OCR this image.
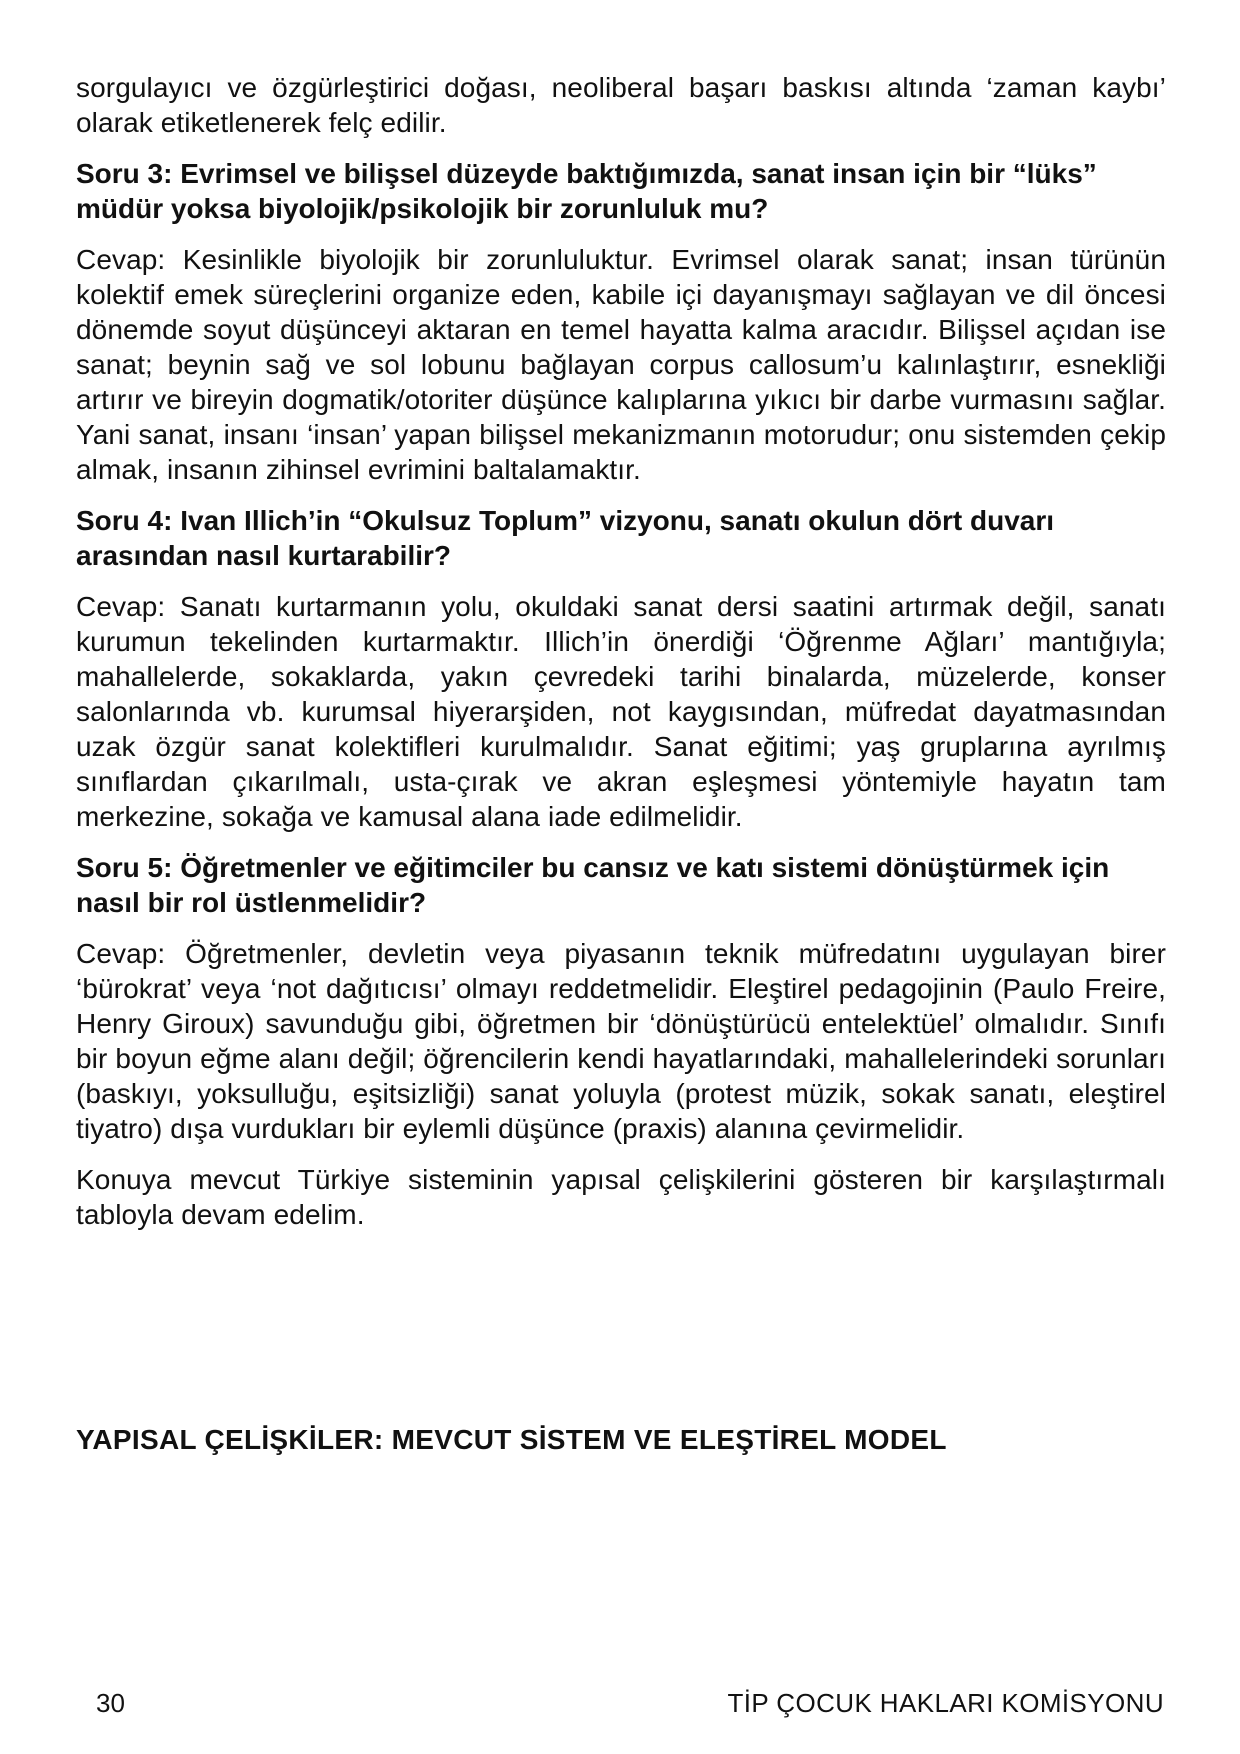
sorgulayıcı ve özgürleştirici doğası, neoliberal başarı baskısı altında ‘zaman kaybı’ olarak etiketlenerek felç edilir.

Soru 3: Evrimsel ve bilişsel düzeyde baktığımızda, sanat insan için bir “lüks” müdür yoksa biyolojik/psikolojik bir zorunluluk mu?

Cevap: Kesinlikle biyolojik bir zorunluluktur. Evrimsel olarak sanat; insan türünün kolektif emek süreçlerini organize eden, kabile içi dayanışmayı sağlayan ve dil öncesi dönemde soyut düşünceyi aktaran en temel hayatta kalma aracıdır. Bilişsel açıdan ise sanat; beynin sağ ve sol lobunu bağlayan corpus callosum’u kalınlaştırır, esnekliği artırır ve bireyin dogmatik/otoriter düşünce kalıplarına yıkıcı bir darbe vurmasını sağlar. Yani sanat, insanı ‘insan’ yapan bilişsel mekanizmanın motorudur; onu sistemden çekip almak, insanın zihinsel evrimini baltalamaktır.

Soru 4: Ivan Illich’in “Okulsuz Toplum” vizyonu, sanatı okulun dört duvarı arasından nasıl kurtarabilir?

Cevap: Sanatı kurtarmanın yolu, okuldaki sanat dersi saatini artırmak değil, sanatı kurumun tekelinden kurtarmaktır. Illich’in önerdiği ‘Öğrenme Ağları’ mantığıyla; mahallelerde, sokaklarda, yakın çevredeki tarihi binalarda, müzelerde, konser salonlarında vb. kurumsal hiyerarşiden, not kaygısından, müfredat dayatmasından uzak özgür sanat kolektifleri kurulmalıdır. Sanat eğitimi; yaş gruplarına ayrılmış sınıflardan çıkarılmalı, usta-çırak ve akran eşleşmesi yöntemiyle hayatın tam merkezine, sokağa ve kamusal alana iade edilmelidir.

Soru 5: Öğretmenler ve eğitimciler bu cansız ve katı sistemi dönüştürmek için nasıl bir rol üstlenmelidir?

Cevap: Öğretmenler, devletin veya piyasanın teknik müfredatını uygulayan birer ‘bürokrat’ veya ‘not dağıtıcısı’ olmayı reddetmelidir. Eleştirel pedagojinin (Paulo Freire, Henry Giroux) savunduğu gibi, öğretmen bir ‘dönüştürücü entelektüel’ olmalıdır. Sınıfı bir boyun eğme alanı değil; öğrencilerin kendi hayatlarındaki, mahallelerindeki sorunları (baskıyı, yoksulluğu, eşitsizliği) sanat yoluyla (protest müzik, sokak sanatı, eleştirel tiyatro) dışa vurdukları bir eylemli düşünce (praxis) alanına çevirmelidir.

Konuya mevcut Türkiye sisteminin yapısal çelişkilerini gösteren bir karşılaştırmalı tabloyla devam edelim.

YAPISAL ÇELİŞKİLER: MEVCUT SİSTEM VE ELEŞTİREL MODEL
30	TİP ÇOCUK HAKLARI KOMİSYONU
